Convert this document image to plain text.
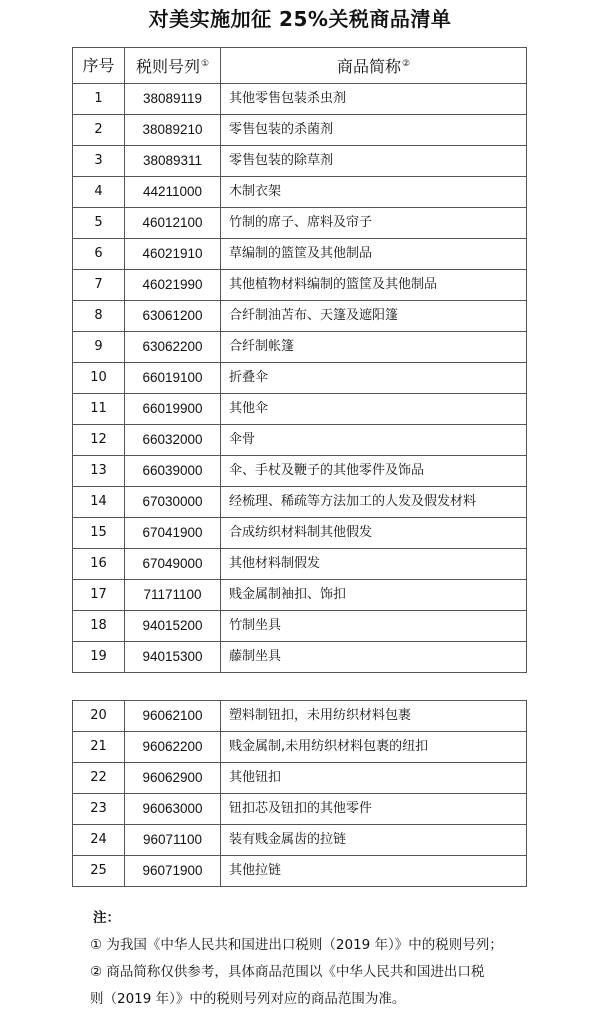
对美实施加征 25%关税商品清单
序号	税则号列①	商品简称②
1	38089119	其他零售包装杀虫剂
2	38089210	零售包装的杀菌剂
3	38089311	零售包装的除草剂
4	44211000	木制衣架
5	46012100	竹制的席子、席料及帘子
6	46021910	草编制的篮筐及其他制品
7	46021990	其他植物材料编制的篮筐及其他制品
8	63061200	合纤制油苫布、天篷及遮阳篷
9	63062200	合纤制帐篷
10	66019100	折叠伞
11	66019900	其他伞
12	66032000	伞骨
13	66039000	伞、手杖及鞭子的其他零件及饰品
14	67030000	经梳理、稀疏等方法加工的人发及假发材料
15	67041900	合成纺织材料制其他假发
16	67049000	其他材料制假发
17	71171100	贱金属制袖扣、饰扣
18	94015200	竹制坐具
19	94015300	藤制坐具
20	96062100	塑料制钮扣，未用纺织材料包裹
21	96062200	贱金属制,未用纺织材料包裹的纽扣
22	96062900	其他钮扣
23	96063000	钮扣芯及钮扣的其他零件
24	96071100	装有贱金属齿的拉链
25	96071900	其他拉链
注：
① 为我国《中华人民共和国进出口税则（2019 年）》中的税则号列；
② 商品简称仅供参考，具体商品范围以《中华人民共和国进出口税
则（2019 年）》中的税则号列对应的商品范围为准。
